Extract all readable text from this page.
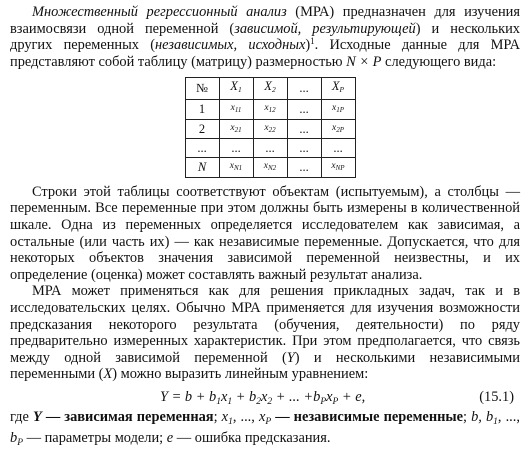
Множественный регрессионный анализ (МРА) предназначен для изучения взаимосвязи одной переменной (зависимой, результирующей) и нескольких других переменных (независимых, исходных)$^1$. Исходные данные для МРА представляют собой таблицу (матрицу) размерностью N × P следующего вида:

№	$X_1$	$X_2$	...	$X_P$
1	$x_{11}$	$x_{12}$	...	$x_{1P}$
2	$x_{21}$	$x_{22}$	...	$x_{2P}$
...	...	...	...	...
N	$x_{N1}$	$x_{N2}$	...	$x_{NP}$

Строки этой таблицы соответствуют объектам (испытуемым), а столбцы — переменным. Все переменные при этом должны быть измерены в количественной шкале. Одна из переменных определяется исследователем как зависимая, а остальные (или часть их) — как независимые переменные. Допускается, что для некоторых объектов значения зависимой переменной неизвестны, и их определение (оценка) может составлять важный результат анализа.

МРА может применяться как для решения прикладных задач, так и в исследовательских целях. Обычно МРА применяется для изучения возможности предсказания некоторого результата (обучения, деятельности) по ряду предварительно измеренных характеристик. При этом предполагается, что связь между одной зависимой переменной (Y) и несколькими независимыми переменными (X) можно выразить линейным уравнением:

$Y = b + b_1x_1 + b_2x_2$ + ... $+b_Px_P + e$,	(15.1)

где Y — зависимая переменная; $x_1$, ..., $x_P$ — независимые переменные; b, $b_1$, ..., $b_P$ — параметры модели; e — ошибка предсказания.
